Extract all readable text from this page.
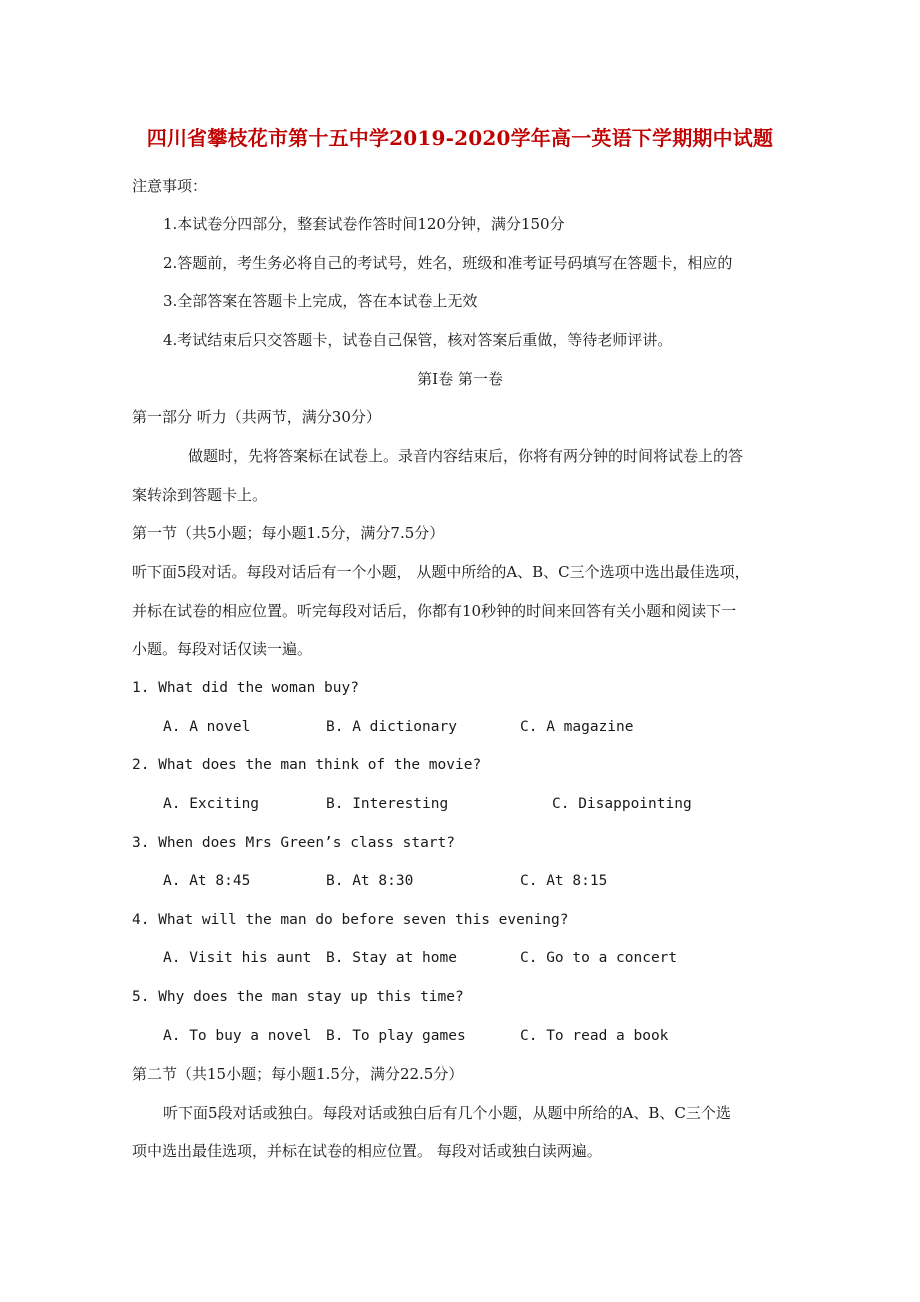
四川省攀枝花市第十五中学2019-2020学年高一英语下学期期中试题
注意事项：
1.本试卷分四部分，整套试卷作答时间120分钟，满分150分
2.答题前，考生务必将自己的考试号，姓名，班级和准考证号码填写在答题卡，相应的
3.全部答案在答题卡上完成，答在本试卷上无效
4.考试结束后只交答题卡，试卷自己保管，核对答案后重做，等待老师评讲。
第Ⅰ卷 第一卷
第一部分 听力（共两节，满分30分）
做题时，先将答案标在试卷上。录音内容结束后，你将有两分钟的时间将试卷上的答
案转涂到答题卡上。
第一节（共5小题；每小题1.5分，满分7.5分）
听下面5段对话。每段对话后有一个小题， 从题中所给的A、B、C三个选项中选出最佳选项，
并标在试卷的相应位置。听完每段对话后，你都有10秒钟的时间来回答有关小题和阅读下一
小题。每段对话仅读一遍。
1. What did the woman buy?
A. A novel	B. A dictionary	C. A magazine
2. What does the man think of the movie?
A. Exciting	B. Interesting	C. Disappointing
3. When does Mrs Green’s class start?
A. At 8:45	B. At 8:30	C. At 8:15
4. What will the man do before seven this evening?
A. Visit his aunt B. Stay at home	C. Go to a concert
5. Why does the man stay up this time?
A. To buy a novel B. To play games	C. To read a book
第二节（共15小题；每小题1.5分，满分22.5分）
听下面5段对话或独白。每段对话或独白后有几个小题，从题中所给的A、B、C三个选
项中选出最佳选项，并标在试卷的相应位置。 每段对话或独白读两遍。
